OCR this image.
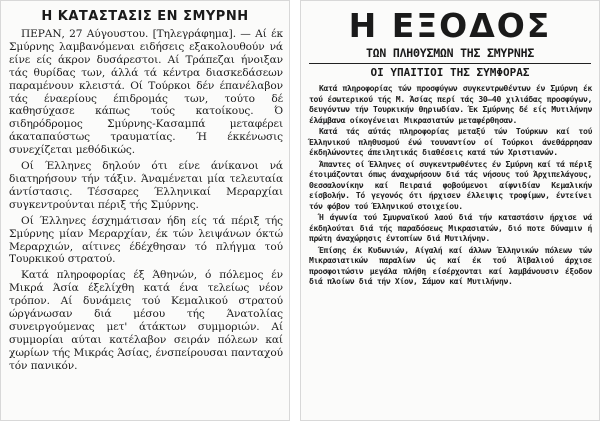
Η ΚΑΤΑΣΤΑΣΙΣ ΕΝ ΣΜΥΡΝΗ

ΠΕΡΑΝ, 27 Αύγουστου. [Τηλεγράφημα]. — Αί έκ Σμύρνης λαμβανόμεναι ειδήσεις εξακολουθούν νά είνε είς άκρον δυσάρεστοι. Αί Τράπεζαι ήνοιξαν τάς θυρίδας των, άλλά τά κέντρα διασκεδάσεων παραμένουν κλειστά. Οί Τούρκοι δέν έπανέλαβον τάς έναερίους έπιδρομάς των, τούτο δέ καθησύχασε κάπως τούς κατοίκους. Ό σιδηρόδρομος Σμύρνης-Κασαμπά μεταφέρει άκαταπαύστως τραυματίας. Ή έκκένωσις συνεχίζεται μεθόδικώς.

Οί Έλληνες δηλούν ότι είνε άνίκανοι νά διατηρήσουν τήν τάξιν. Άναμένεται μία τελευταία άντίστασις. Τέσσαρες Έλληνικαί Μεραρχίαι συγκεντρούνται πέριξ τής Σμύρνης.

Οί Έλληνες έσχημάτισαν ήδη είς τά πέριξ τής Σμύρνης μίαν Μεραρχίαν, έκ τών λειψάνων όκτώ Μεραρχιών, αίτινες έδέχθησαν τό πλήγμα τού Τουρκικού στρατού.

Κατά πληροφορίας έξ Άθηνών, ό πόλεμος έν Μικρά Άσία έξελίχθη κατά ένα τελείως νέον τρόπον. Αί δυνάμεις τού Κεμαλικού στρατού ώργάνωσαν διά μέσου τής Άνατολίας συνειργούμενας μετ' άτάκτων συμμοριών. Αί συμμορίαι αύται κατέλαβον σειράν πόλεων καί χωρίων τής Μικράς Άσίας, ένσπείρουσαι πανταχού τόν πανικόν.

Η ΕΞΟΔΟΣ
ΤΩΝ ΠΛΗΘΥΣΜΩΝ ΤΗΣ ΣΜΥΡΝΗΣ
ΟΙ ΥΠΑΙΤΙΟΙ ΤΗΣ ΣΥΜΦΟΡΑΣ

Κατά πληροφορίας τών προσφύγων συγκεντρωθέντων έν Σμύρνη έκ τού έσωτερικού τής Μ. Άσίας περί τάς 30—40 χιλιάδας προσφύγων, δευγόντων τήν Τουρκικήν θηριωδίαν. Έκ Σμύρνης δέ είς Μυτιλήνην έλάμβανα οίκογένειαι Μικρασιατών μεταφέρθησαν.

Κατά τάς αύτάς πληροφορίας μεταξύ τών Τούρκων καί τού Έλληνικού πληθυσμού ένώ τουναντίον οί Τούρκοι άνεθάρρησαν έκδηλώνοντες άπειλητικάς διαθέσεις κατά τών Χριστιανών.

Άπαντες οί Έλληνες οί συγκεντρωθέντες έν Σμύρνη καί τά πέριξ έτοιμάζονται όπως άναχωρήσουν διά τάς νήσους τού Άρχιπελάγους, Θεσσαλονίκην καί Πειραιά φοβούμενοι αίφνιδίαν Κεμαλικήν είσβολήν. Τό γεγονός ότι ήρχισεν έλλειψις τροφίμων, έντείνει τόν φόβον τού Έλληνικού στοιχείου.

Ή άγωνία τού Σμυρναϊκού λαού διά τήν καταστάσιν ήρχισε νά έκδηλούται διά τής παραδόσεως Μικρασιατών, διό ποτε δύναμιν ή πρώτη άναχώρησις έντοπίων διά Μυτιλήνην.

Έπίσης έκ Κυδωνιών, Αίγαλή καί άλλων Έλληνικών πόλεων τών Μικρασιατικών παραλίων ώς καί έκ τού Άϊβαλιού άρχισε προσφοιτώσιν μεγάλα πλήθη είσέρχονται καί λαμβάνουσιν έξοδον διά πλοίων διά τήν Χίον, Σάμον καί Μυτιλήνην.
